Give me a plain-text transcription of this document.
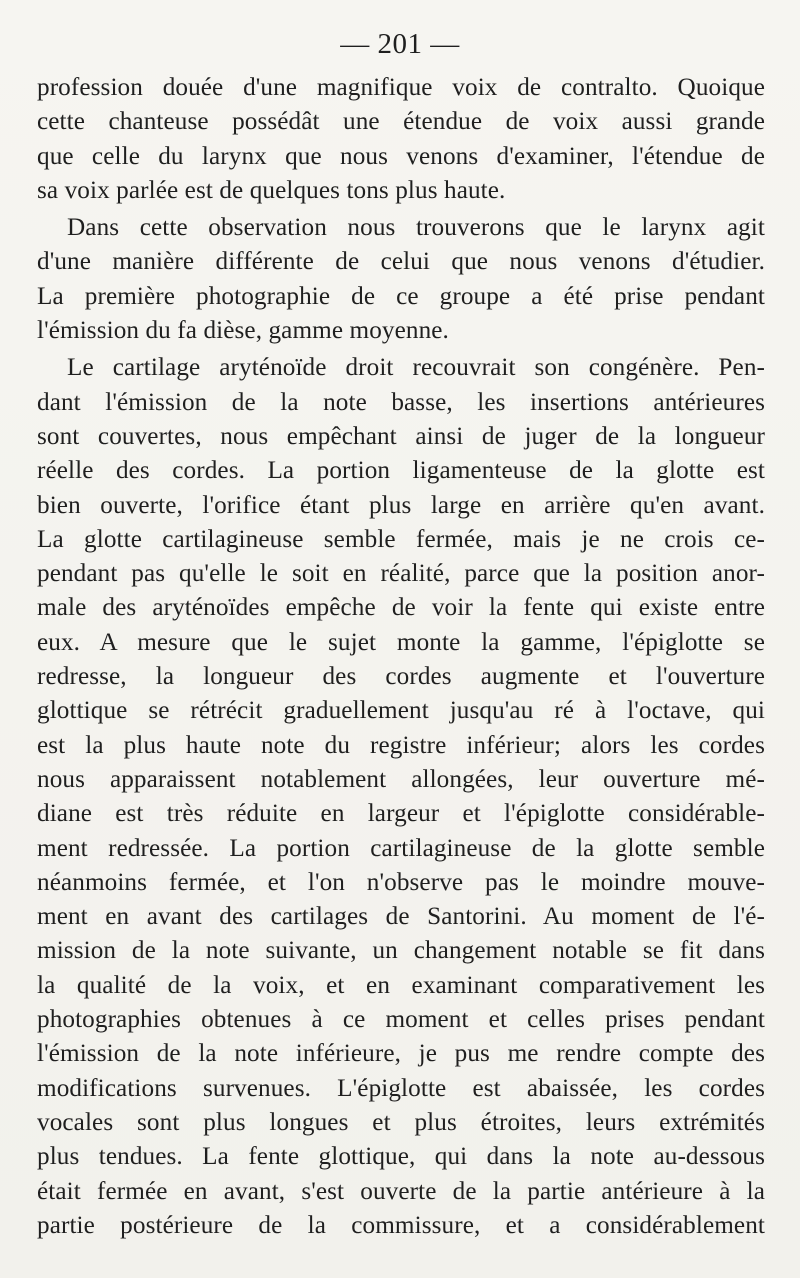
— 201 —
profession douée d'une magnifique voix de contralto. Quoique
cette chanteuse possédât une étendue de voix aussi grande
que celle du larynx que nous venons d'examiner, l'étendue de
sa voix parlée est de quelques tons plus haute.
Dans cette observation nous trouverons que le larynx agit
d'une manière différente de celui que nous venons d'étudier.
La première photographie de ce groupe a été prise pendant
l'émission du fa dièse, gamme moyenne.
Le cartilage aryténoïde droit recouvrait son congénère. Pen-
dant l'émission de la note basse, les insertions antérieures
sont couvertes, nous empêchant ainsi de juger de la longueur
réelle des cordes. La portion ligamenteuse de la glotte est
bien ouverte, l'orifice étant plus large en arrière qu'en avant.
La glotte cartilagineuse semble fermée, mais je ne crois ce-
pendant pas qu'elle le soit en réalité, parce que la position anor-
male des aryténoïdes empêche de voir la fente qui existe entre
eux. A mesure que le sujet monte la gamme, l'épiglotte se
redresse, la longueur des cordes augmente et l'ouverture
glottique se rétrécit graduellement jusqu'au ré à l'octave, qui
est la plus haute note du registre inférieur; alors les cordes
nous apparaissent notablement allongées, leur ouverture mé-
diane est très réduite en largeur et l'épiglotte considérable-
ment redressée. La portion cartilagineuse de la glotte semble
néanmoins fermée, et l'on n'observe pas le moindre mouve-
ment en avant des cartilages de Santorini. Au moment de l'é-
mission de la note suivante, un changement notable se fit dans
la qualité de la voix, et en examinant comparativement les
photographies obtenues à ce moment et celles prises pendant
l'émission de la note inférieure, je pus me rendre compte des
modifications survenues. L'épiglotte est abaissée, les cordes
vocales sont plus longues et plus étroites, leurs extrémités
plus tendues. La fente glottique, qui dans la note au-dessous
était fermée en avant, s'est ouverte de la partie antérieure à la
partie postérieure de la commissure, et a considérablement
